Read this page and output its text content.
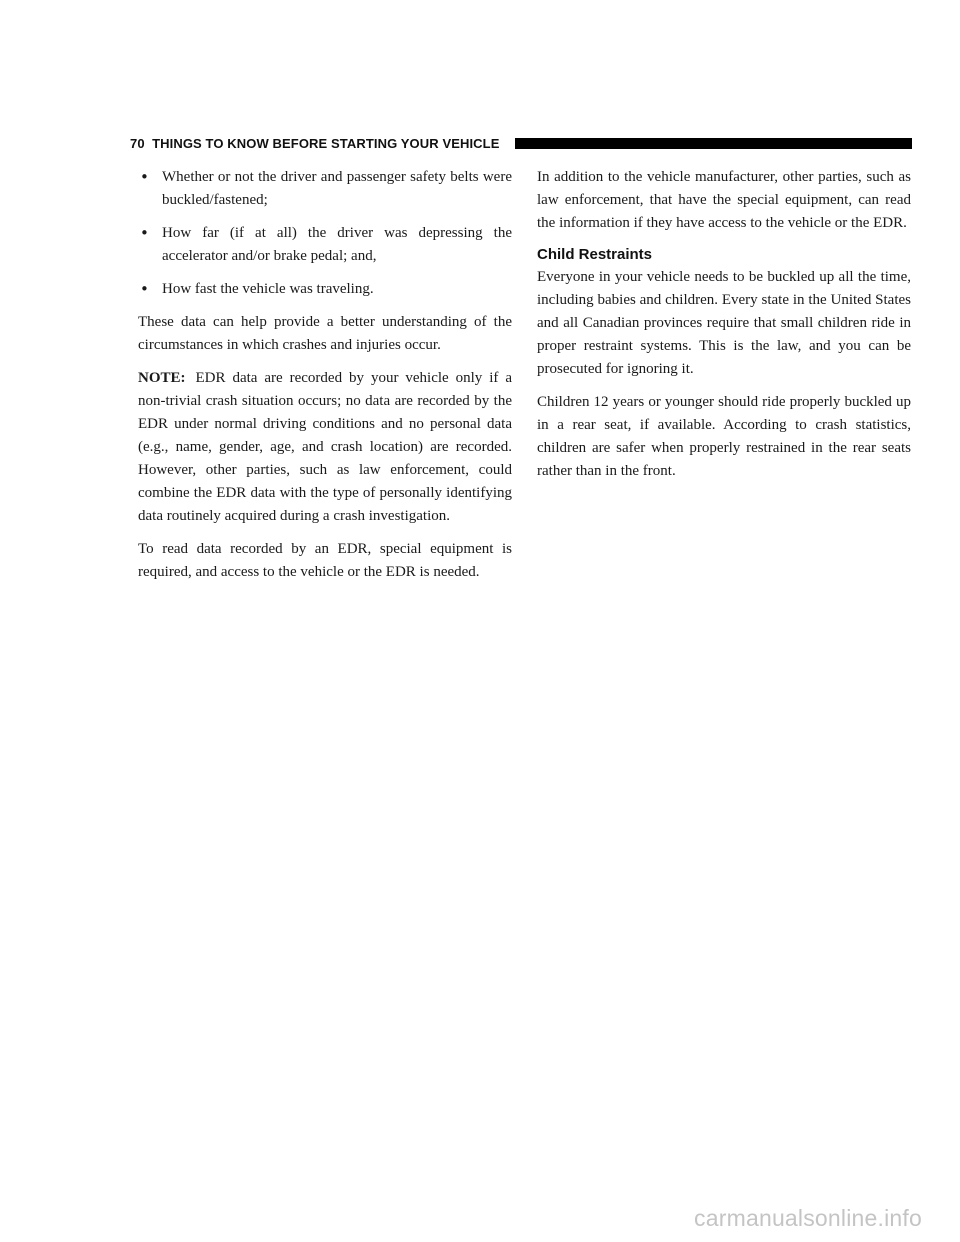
70 THINGS TO KNOW BEFORE STARTING YOUR VEHICLE
• Whether or not the driver and passenger safety belts were buckled/fastened;
• How far (if at all) the driver was depressing the accelerator and/or brake pedal; and,
• How fast the vehicle was traveling.

These data can help provide a better understanding of the circumstances in which crashes and injuries occur.

NOTE: EDR data are recorded by your vehicle only if a non-trivial crash situation occurs; no data are recorded by the EDR under normal driving conditions and no personal data (e.g., name, gender, age, and crash location) are recorded. However, other parties, such as law enforcement, could combine the EDR data with the type of personally identifying data routinely acquired during a crash investigation.

To read data recorded by an EDR, special equipment is required, and access to the vehicle or the EDR is needed.

In addition to the vehicle manufacturer, other parties, such as law enforcement, that have the special equipment, can read the information if they have access to the vehicle or the EDR.

Child Restraints

Everyone in your vehicle needs to be buckled up all the time, including babies and children. Every state in the United States and all Canadian provinces require that small children ride in proper restraint systems. This is the law, and you can be prosecuted for ignoring it.

Children 12 years or younger should ride properly buckled up in a rear seat, if available. According to crash statistics, children are safer when properly restrained in the rear seats rather than in the front.

carmanualsonline.info
